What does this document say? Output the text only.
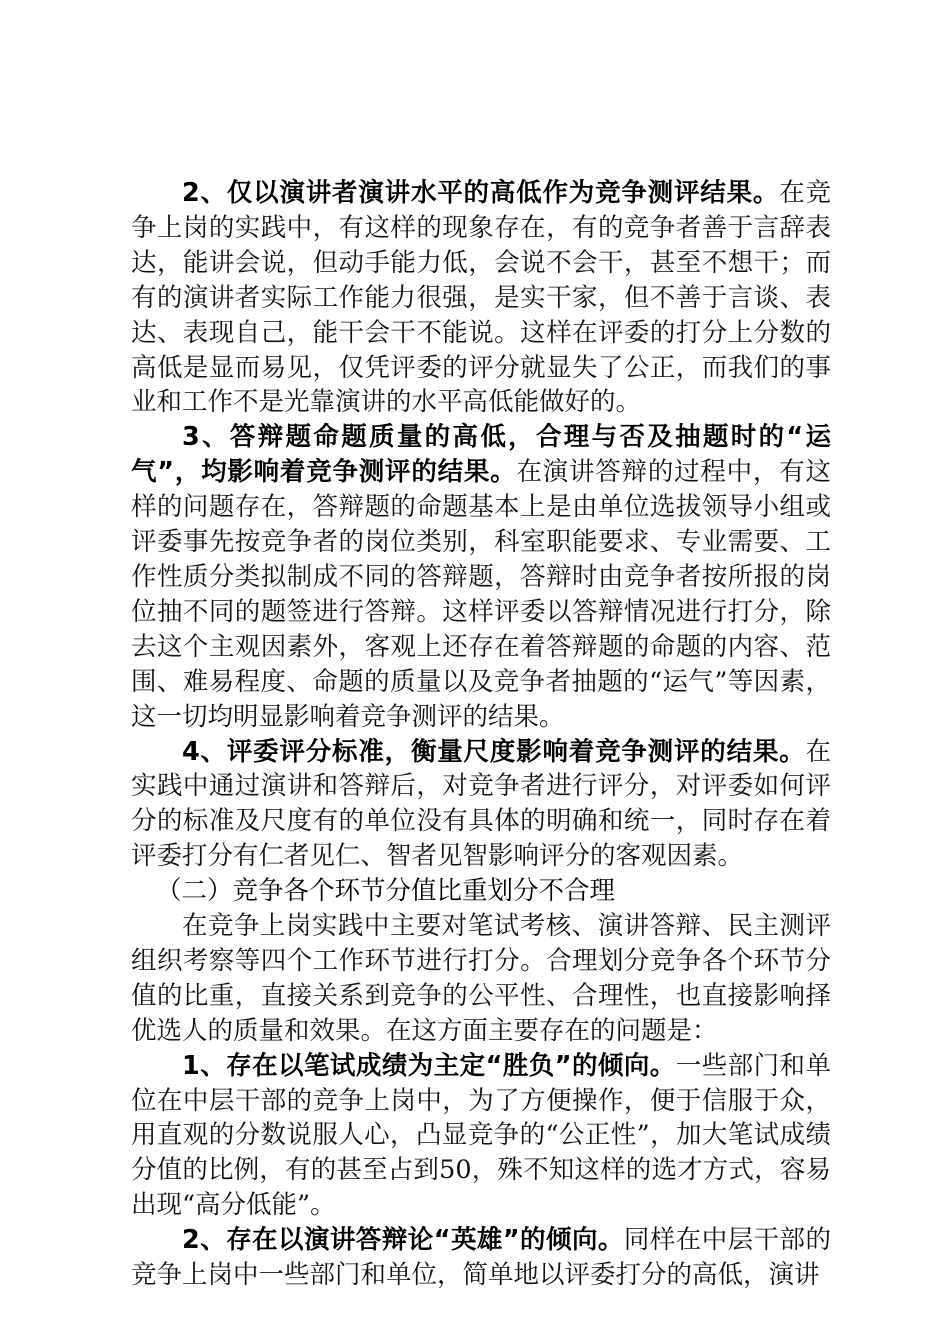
2、仅以演讲者演讲水平的高低作为竞争测评结果。在竞争上岗的实践中，有这样的现象存在，有的竞争者善于言辞表达，能讲会说，但动手能力低，会说不会干，甚至不想干；而有的演讲者实际工作能力很强，是实干家，但不善于言谈、表达、表现自己，能干会干不能说。这样在评委的打分上分数的高低是显而易见，仅凭评委的评分就显失了公正，而我们的事业和工作不是光靠演讲的水平高低能做好的。

3、答辩题命题质量的高低，合理与否及抽题时的“运气”，均影响着竞争测评的结果。在演讲答辩的过程中，有这样的问题存在，答辩题的命题基本上是由单位选拔领导小组或评委事先按竞争者的岗位类别，科室职能要求、专业需要、工作性质分类拟制成不同的答辩题，答辩时由竞争者按所报的岗位抽不同的题签进行答辩。这样评委以答辩情况进行打分，除去这个主观因素外，客观上还存在着答辩题的命题的内容、范围、难易程度、命题的质量以及竞争者抽题的“运气”等因素，这一切均明显影响着竞争测评的结果。

4、评委评分标准，衡量尺度影响着竞争测评的结果。在实践中通过演讲和答辩后，对竞争者进行评分，对评委如何评分的标准及尺度有的单位没有具体的明确和统一，同时存在着评委打分有仁者见仁、智者见智影响评分的客观因素。

（二）竞争各个环节分值比重划分不合理

在竞争上岗实践中主要对笔试考核、演讲答辩、民主测评组织考察等四个工作环节进行打分。合理划分竞争各个环节分值的比重，直接关系到竞争的公平性、合理性，也直接影响择优选人的质量和效果。在这方面主要存在的问题是：

1、存在以笔试成绩为主定“胜负”的倾向。一些部门和单位在中层干部的竞争上岗中，为了方便操作，便于信服于众，用直观的分数说服人心，凸显竞争的“公正性”，加大笔试成绩分值的比例，有的甚至占到50，殊不知这样的选才方式，容易出现“高分低能”。

2、存在以演讲答辩论“英雄”的倾向。同样在中层干部的竞争上岗中一些部门和单位，简单地以评委打分的高低，演讲
